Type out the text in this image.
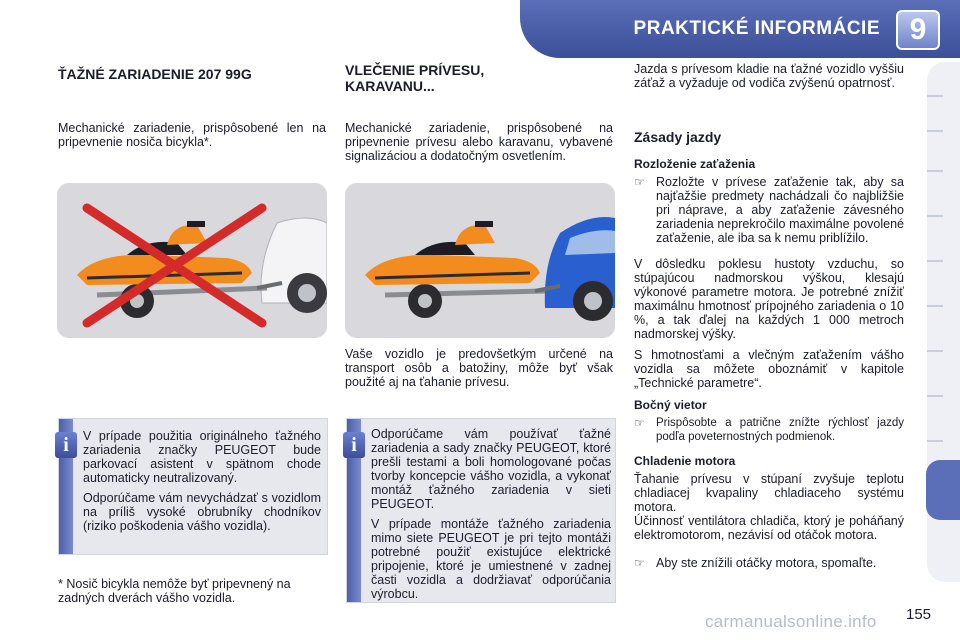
PRAKTICKÉ INFORMÁCIE 9
ŤAŽNÉ ZARIADENIE 207 99G
Mechanické zariadenie, prispôsobené len na pripevnenie nosiča bicykla*.

V prípade použitia originálneho ťažného zariadenia značky PEUGEOT bude parkovací asistent v spätnom chode automaticky neutralizovaný.

Odporúčame vám nevychádzať s vozidlom na príliš vysoké obrubníky chodníkov (riziko poškodenia vášho vozidla).

i
* Nosič bicykla nemôže byť pripevnený na zadných dverách vášho vozidla.
VLEČENIE PRÍVESU, KARAVANU...
Mechanické zariadenie, prispôsobené na pripevnenie prívesu alebo karavanu, vybavené signalizáciou a dodatočným osvetlením.
Vaše vozidlo je predovšetkým určené na transport osôb a batožiny, môže byť však použité aj na ťahanie prívesu.

Odporúčame vám používať ťažné zariadenia a sady značky PEUGEOT, ktoré prešli testami a boli homologované počas tvorby koncepcie vášho vozidla, a vykonať montáž ťažného zariadenia v sieti PEUGEOT.

V prípade montáže ťažného zariadenia mimo siete PEUGEOT je pri tejto montáži potrebné použiť existujúce elektrické pripojenie, ktoré je umiestnené v zadnej časti vozidla a dodržiavať odporúčania výrobcu.

i
Jazda s prívesom kladie na ťažné vozidlo vyššiu záťaž a vyžaduje od vodiča zvýšenú opatrnosť.
Zásady jazdy
Rozloženie zaťaženia
☞ Rozložte v prívese zaťaženie tak, aby sa najťažšie predmety nachádzali čo najbližšie pri náprave, a aby zaťaženie závesného zariadenia neprekročilo maximálne povolené zaťaženie, ale iba sa k nemu priblížilo.
V dôsledku poklesu hustoty vzduchu, so stúpajúcou nadmorskou výškou, klesajú výkonové parametre motora. Je potrebné znížiť maximálnu hmotnosť prípojného zariadenia o 10 %, a tak ďalej na každých 1 000 metroch nadmorskej výšky.
S hmotnosťami a vlečným zaťažením vášho vozidla sa môžete oboznámiť v kapitole „Technické parametre“.
Bočný vietor
☞ Prispôsobte a patrične znížte rýchlosť jazdy podľa poveternostných podmienok.
Chladenie motora
Ťahanie prívesu v stúpaní zvyšuje teplotu chladiacej kvapaliny chladiaceho systému motora.
Účinnosť ventilátora chladiča, ktorý je poháňaný elektromotorom, nezávisí od otáčok motora.
☞ Aby ste znížili otáčky motora, spomaľte.
155
carmanualsonline.info
